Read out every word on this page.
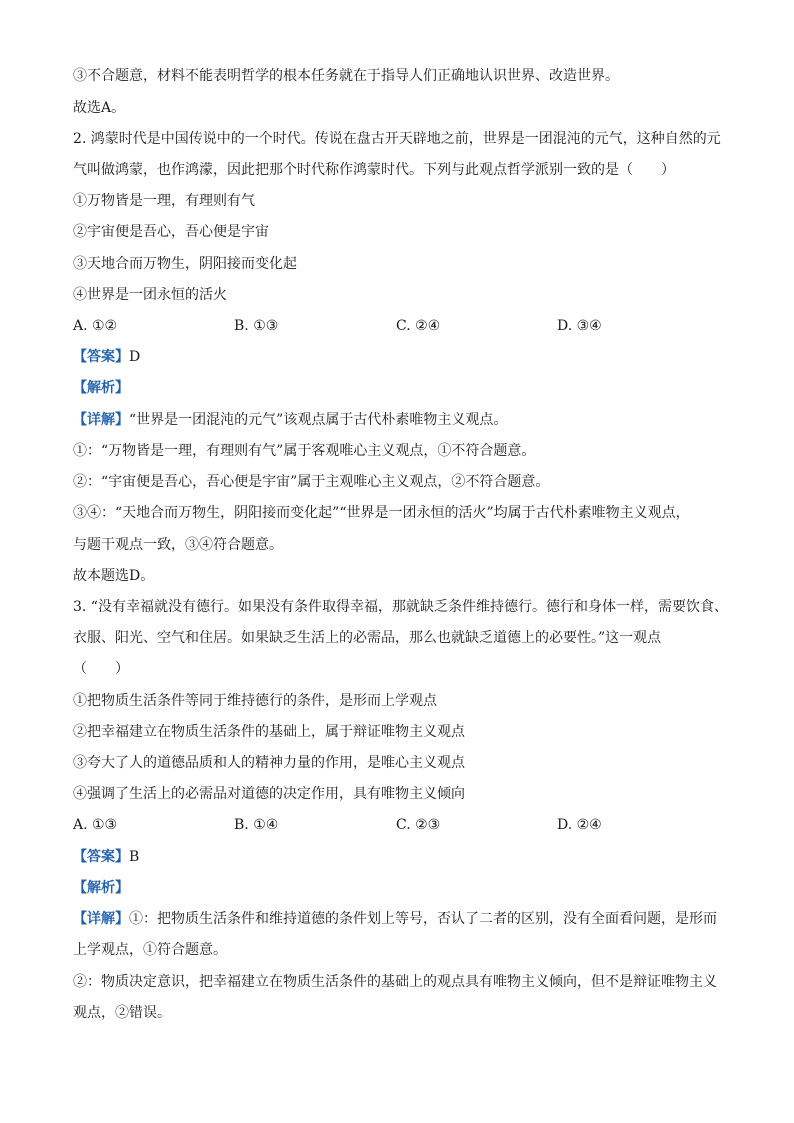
③不合题意，材料不能表明哲学的根本任务就在于指导人们正确地认识世界、改造世界。
故选A。
2. 鸿蒙时代是中国传说中的一个时代。传说在盘古开天辟地之前，世界是一团混沌的元气，这种自然的元
气叫做鸿蒙，也作鸿濛，因此把那个时代称作鸿蒙时代。下列与此观点哲学派别一致的是（　　）
①万物皆是一理，有理则有气
②宇宙便是吾心，吾心便是宇宙
③天地合而万物生，阴阳接而变化起
④世界是一团永恒的活火
A. ①②	B. ①③	C. ②④	D. ③④
【答案】D
【解析】
【详解】“世界是一团混沌的元气”该观点属于古代朴素唯物主义观点。
①：“万物皆是一理，有理则有气”属于客观唯心主义观点，①不符合题意。
②：“宇宙便是吾心，吾心便是宇宙”属于主观唯心主义观点，②不符合题意。
③④：“天地合而万物生，阴阳接而变化起”“世界是一团永恒的活火”均属于古代朴素唯物主义观点，
与题干观点一致，③④符合题意。
故本题选D。
3. “没有幸福就没有德行。如果没有条件取得幸福，那就缺乏条件维持德行。德行和身体一样，需要饮食、
衣服、阳光、空气和住居。如果缺乏生活上的必需品，那么也就缺乏道德上的必要性。”这一观点
（　　）
①把物质生活条件等同于维持德行的条件，是形而上学观点
②把幸福建立在物质生活条件的基础上，属于辩证唯物主义观点
③夸大了人的道德品质和人的精神力量的作用，是唯心主义观点
④强调了生活上的必需品对道德的决定作用，具有唯物主义倾向
A. ①③	B. ①④	C. ②③	D. ②④
【答案】B
【解析】
【详解】①：把物质生活条件和维持道德的条件划上等号，否认了二者的区别，没有全面看问题，是形而
上学观点，①符合题意。
②：物质决定意识，把幸福建立在物质生活条件的基础上的观点具有唯物主义倾向，但不是辩证唯物主义
观点，②错误。
